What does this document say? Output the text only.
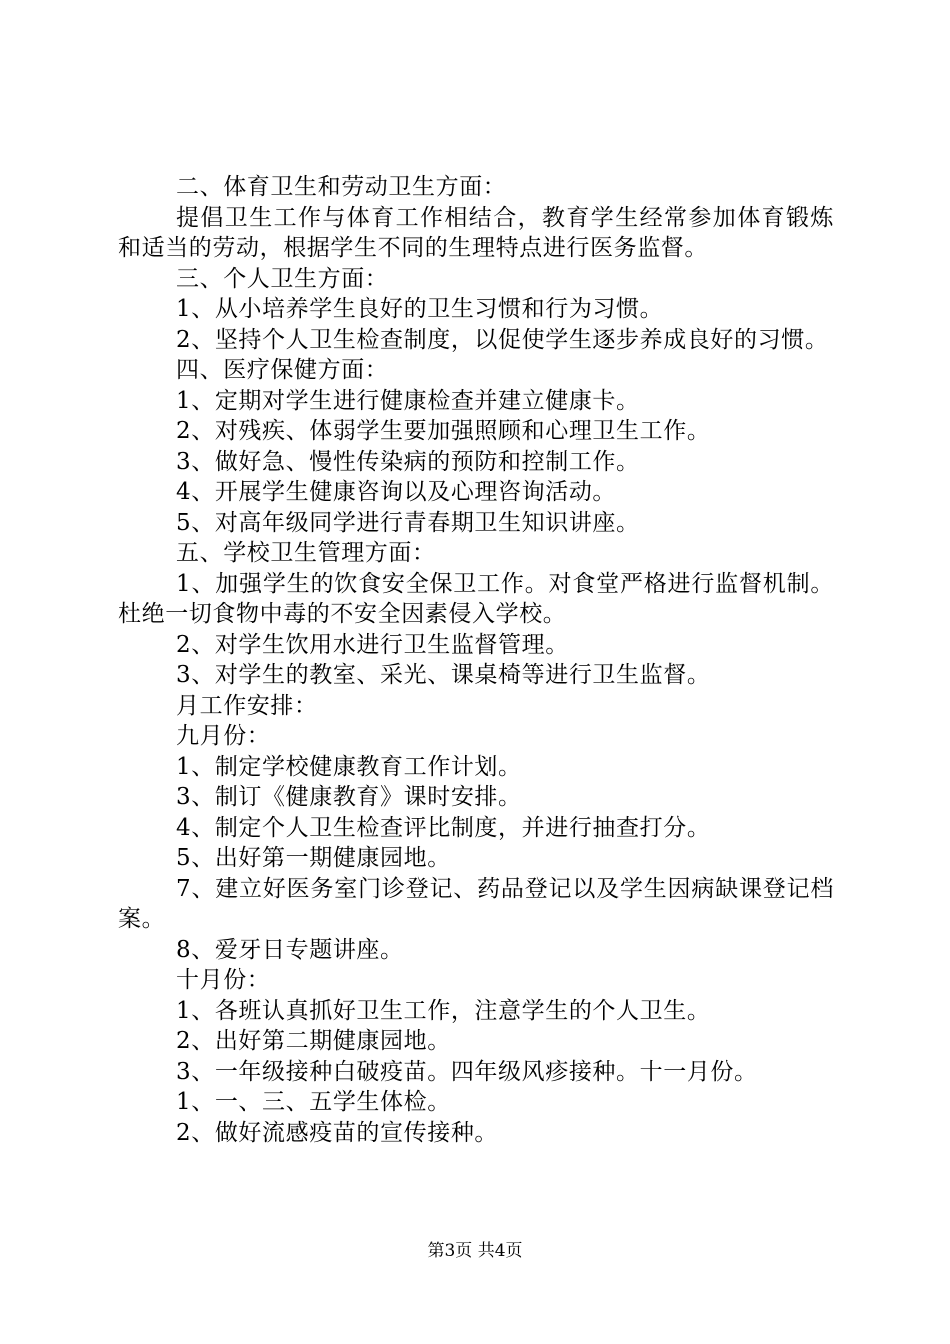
二、体育卫生和劳动卫生方面：

提倡卫生工作与体育工作相结合，教育学生经常参加体育锻炼和适当的劳动，根据学生不同的生理特点进行医务监督。

三、个人卫生方面：

1、从小培养学生良好的卫生习惯和行为习惯。

2、坚持个人卫生检查制度，以促使学生逐步养成良好的习惯。

四、医疗保健方面：

1、定期对学生进行健康检查并建立健康卡。

2、对残疾、体弱学生要加强照顾和心理卫生工作。

3、做好急、慢性传染病的预防和控制工作。

4、开展学生健康咨询以及心理咨询活动。

5、对高年级同学进行青春期卫生知识讲座。

五、学校卫生管理方面：

1、加强学生的饮食安全保卫工作。对食堂严格进行监督机制。杜绝一切食物中毒的不安全因素侵入学校。

2、对学生饮用水进行卫生监督管理。

3、对学生的教室、采光、课桌椅等进行卫生监督。

月工作安排：

九月份：

1、制定学校健康教育工作计划。

3、制订《健康教育》课时安排。

4、制定个人卫生检查评比制度，并进行抽查打分。

5、出好第一期健康园地。

7、建立好医务室门诊登记、药品登记以及学生因病缺课登记档案。

8、爱牙日专题讲座。

十月份：

1、各班认真抓好卫生工作，注意学生的个人卫生。

2、出好第二期健康园地。

3、一年级接种白破疫苗。四年级风疹接种。十一月份。

1、一、三、五学生体检。

2、做好流感疫苗的宣传接种。

第3页 共4页
